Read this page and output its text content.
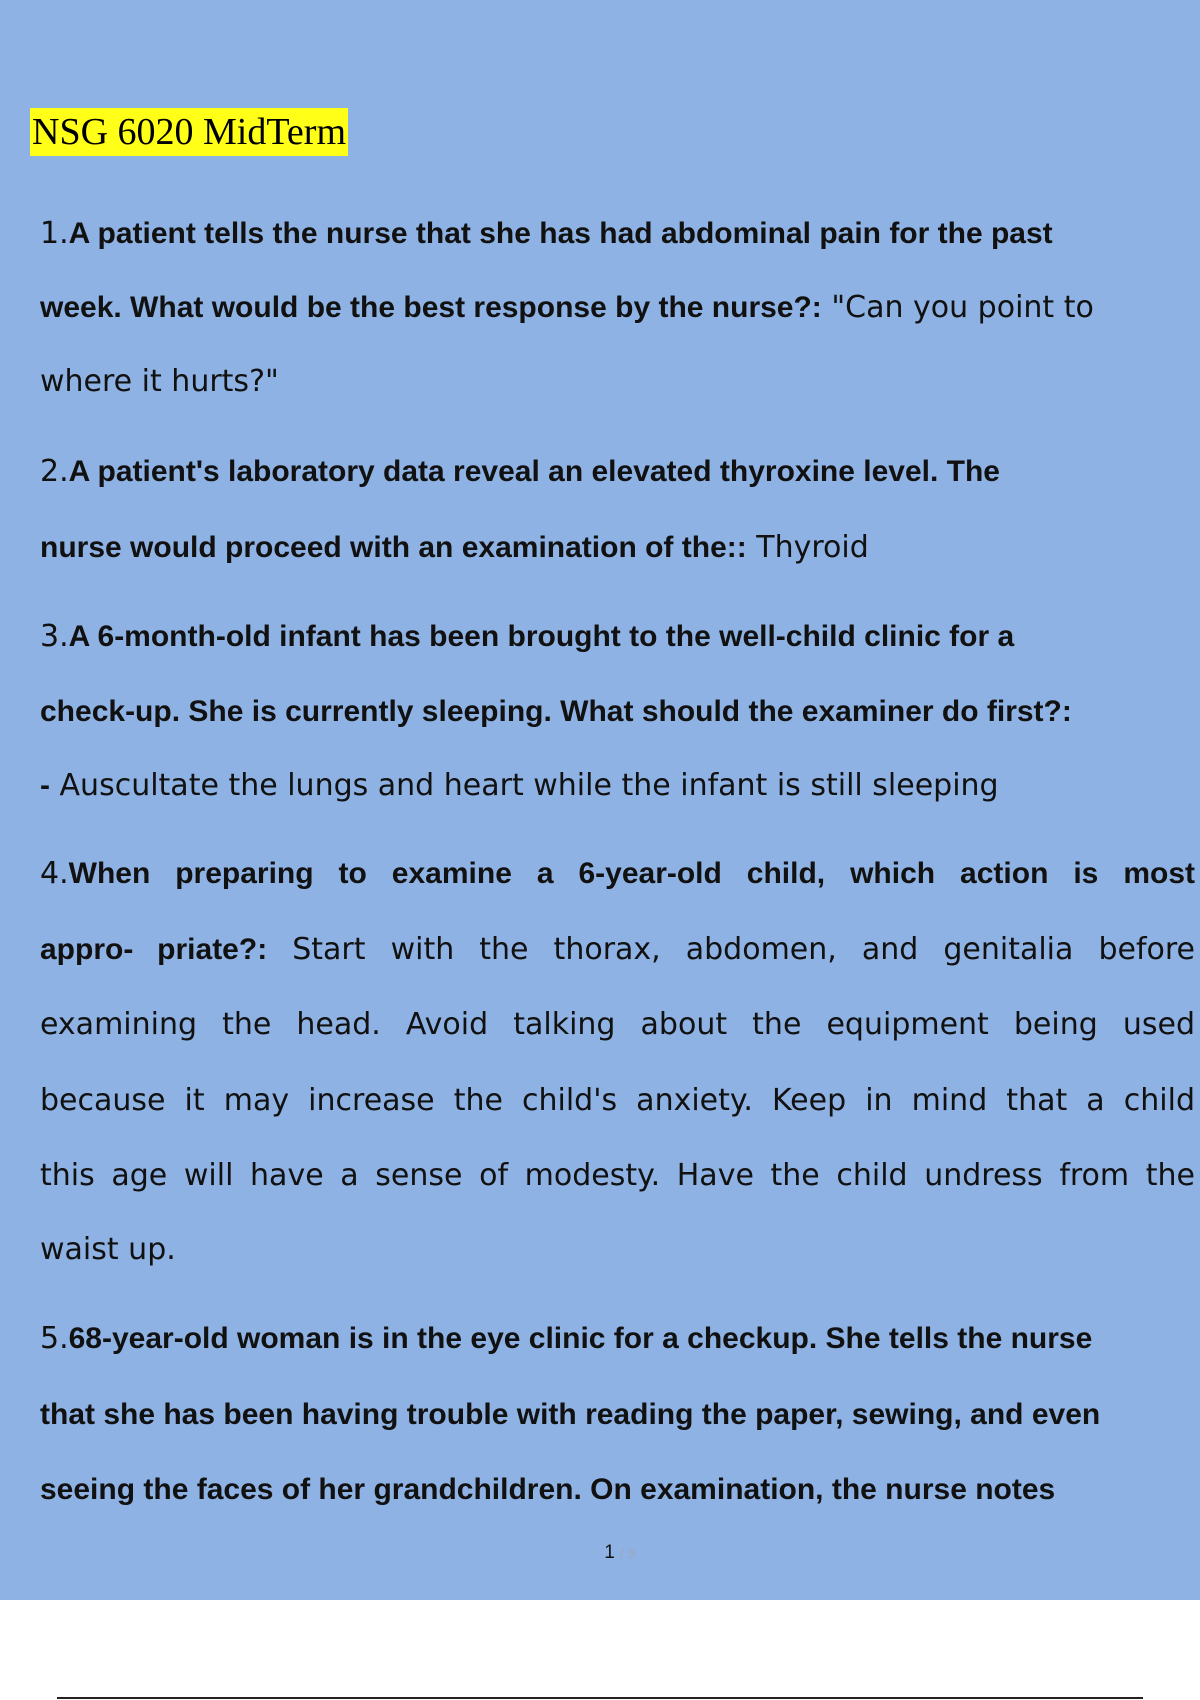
NSG 6020 MidTerm
1.A patient tells the nurse that she has had abdominal pain for the past
week. What would be the best response by the nurse?: "Can you point to
where it hurts?"
2.A patient's laboratory data reveal an elevated thyroxine level. The
nurse would proceed with an examination of the:: Thyroid
3.A 6-month-old infant has been brought to the well-child clinic for a
check-up. She is currently sleeping. What should the examiner do first?:
- Auscultate the lungs and heart while the infant is still sleeping
4.When preparing to examine a 6-year-old child, which action is most
appro- priate?: Start with the thorax, abdomen, and genitalia before
examining the head. Avoid talking about the equipment being used
because it may increase the child's anxiety. Keep in mind that a child
this age will have a sense of modesty. Have the child undress from the
waist up.
5.68-year-old woman is in the eye clinic for a checkup. She tells the nurse
that she has been having trouble with reading the paper, sewing, and even
seeing the faces of her grandchildren. On examination, the nurse notes
1 / 9
